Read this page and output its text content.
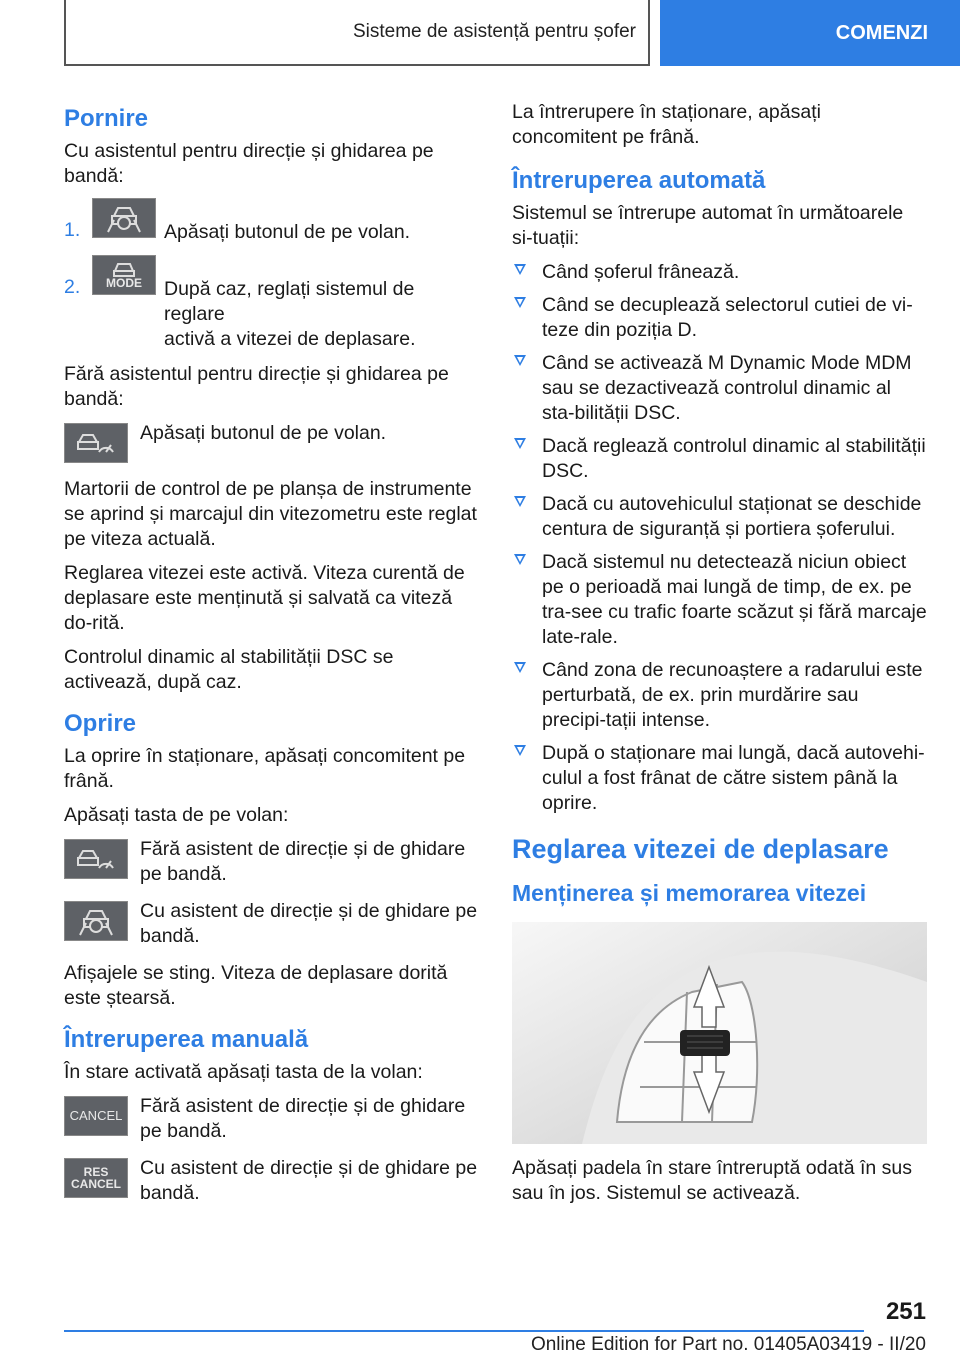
Sisteme de asistență pentru șofer	COMENZI
Pornire

Cu asistentul pentru direcție și ghidarea pe bandă:

1.	Apăsați butonul de pe volan.
2. MODE După caz, reglați sistemul de reglare
activă a vitezei de deplasare.

Fără asistentul pentru direcție și ghidarea pe bandă:

Apăsați butonul de pe volan.

Martorii de control de pe planșa de instrumente se aprind și marcajul din vitezometru este reglat pe viteza actuală.

Reglarea vitezei este activă. Viteza curentă de deplasare este menținută și salvată ca viteză do-rită.

Controlul dinamic al stabilității DSC se activează, după caz.

Oprire

La oprire în staționare, apăsați concomitent pe frână.

Apăsați tasta de pe volan:

Fără asistent de direcție și de ghidare pe bandă.
Cu asistent de direcție și de ghidare pe bandă.

Afișajele se sting. Viteza de deplasare dorită este ștearsă.

Întreruperea manuală

În stare activată apăsați tasta de la volan:

CANCEL Fără asistent de direcție și de ghidare pe bandă.
RES
CANCEL
Cu asistent de direcție și de ghidare pe bandă.

La întrerupere în staționare, apăsați concomitent pe frână.

Întreruperea automată

Sistemul se întrerupe automat în următoarele si-tuații:

Când șoferul frânează.
Când se decuplează selectorul cutiei de vi-teze din poziția D.
Când se activează M Dynamic Mode MDM sau se dezactivează controlul dinamic al sta-bilității DSC.
Dacă reglează controlul dinamic al stabilității DSC.
Dacă cu autovehiculul staționat se deschide centura de siguranță și portiera șoferului.
Dacă sistemul nu detectează niciun obiect pe o perioadă mai lungă de timp, de ex. pe tra-see cu trafic foarte scăzut și fără marcaje late-rale.
Când zona de recunoaștere a radarului este perturbată, de ex. prin murdărire sau precipi-tații intense.
După o staționare mai lungă, dacă autovehi-culul a fost frânat de către sistem până la oprire.
Reglarea vitezei de deplasare
Menținerea și memorarea vitezei

Apăsați padela în stare întreruptă odată în sus sau în jos. Sistemul se activează.

251
Online Edition for Part no. 01405A03419 - II/20
